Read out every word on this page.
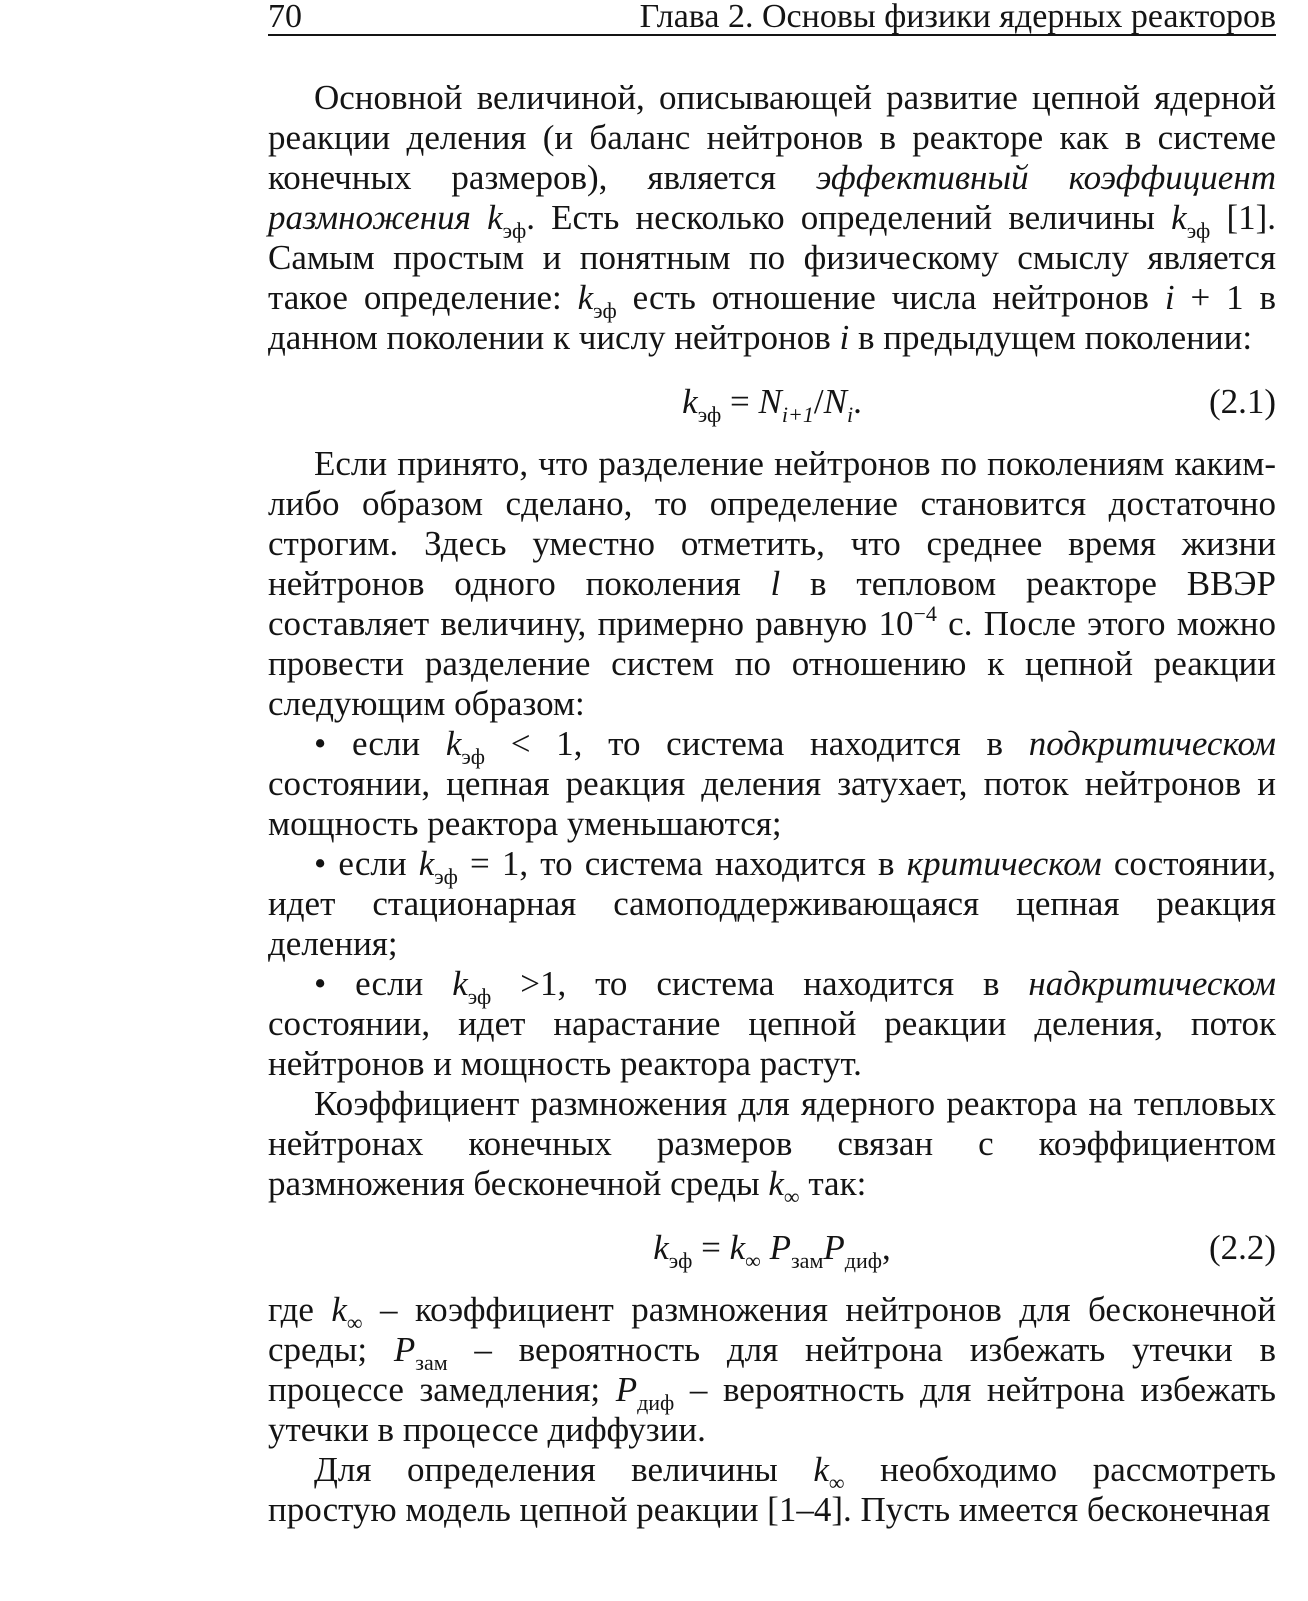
70	Глава 2. Основы физики ядерных реакторов

Основной величиной, описывающей развитие цепной ядерной реакции деления (и баланс нейтронов в реакторе как в системе конечных размеров), является эффективный коэффициент размножения $k_{эф}$. Есть несколько определений величины $k_{эф}$ [1]. Самым простым и понятным по физическому смыслу является такое определение: $k_{эф}$ есть отношение числа нейтронов i + 1 в данном поколении к числу нейтронов i в предыдущем поколении:

$k_{эф} = N_{i+1}/N_i$.	(2.1)

Если принято, что разделение нейтронов по поколениям каким-либо образом сделано, то определение становится достаточно строгим. Здесь уместно отметить, что среднее время жизни нейтронов одного поколения l в тепловом реакторе ВВЭР составляет величину, примерно равную $10^{-4}$ с. После этого можно провести разделение систем по отношению к цепной реакции следующим образом:

• если $k_{эф} < 1$, то система находится в подкритическом состоянии, цепная реакция деления затухает, поток нейтронов и мощность реактора уменьшаются;

• если $k_{эф} = 1$, то система находится в критическом состоянии, идет стационарная самоподдерживающаяся цепная реакция деления;

• если $k_{эф} >1$, то система находится в надкритическом состоянии, идет нарастание цепной реакции деления, поток нейтронов и мощность реактора растут.

Коэффициент размножения для ядерного реактора на тепловых нейтронах конечных размеров связан с коэффициентом размножения бесконечной среды $k_\infty$ так:

$k_{эф} = k_\infty$ $P_{зам}P_{диф}$,	(2.2)

где $k_\infty$ – коэффициент размножения нейтронов для бесконечной среды; $P_{зам}$ – вероятность для нейтрона избежать утечки в процессе замедления; $P_{диф}$ – вероятность для нейтрона избежать утечки в процессе диффузии.

Для определения величины $k_\infty$ необходимо рассмотреть простую модель цепной реакции [1–4]. Пусть имеется бесконечная
